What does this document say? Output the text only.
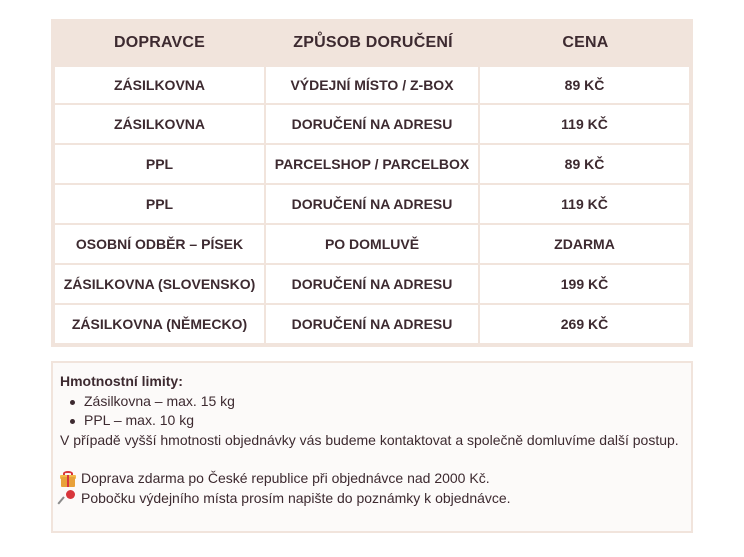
DOPRAVCE	ZPŮSOB DORUČENÍ	CENA
ZÁSILKOVNA	VÝDEJNÍ MÍSTO / Z-BOX	89 KČ
ZÁSILKOVNA	DORUČENÍ NA ADRESU	119 KČ
PPL	PARCELSHOP / PARCELBOX	89 KČ
PPL	DORUČENÍ NA ADRESU	119 KČ
OSOBNÍ ODBĚR – PÍSEK	PO DOMLUVĚ	ZDARMA
ZÁSILKOVNA (SLOVENSKO)	DORUČENÍ NA ADRESU	199 KČ
ZÁSILKOVNA (NĚMECKO)	DORUČENÍ NA ADRESU	269 KČ
Hmotnostní limity:
Zásilkovna – max. 15 kg
PPL – max. 10 kg
V případě vyšší hmotnosti objednávky vás budeme kontaktovat a společně domluvíme další postup.
Doprava zdarma po České republice při objednávce nad 2000 Kč.
Pobočku výdejního místa prosím napište do poznámky k objednávce.
